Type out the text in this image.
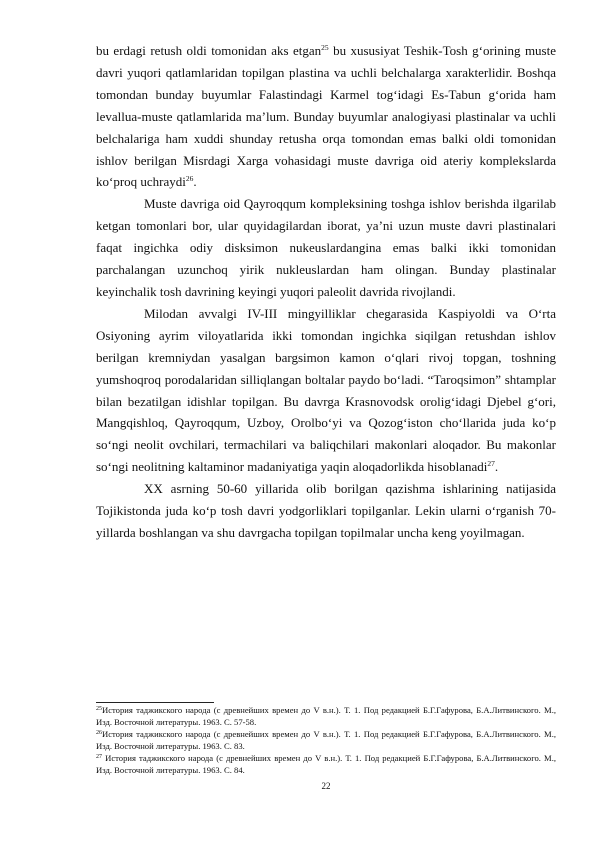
bu erdagi retush oldi tomonidan aks etgan$^{25}$ bu xususiyat Teshik-Tosh g‘orining muste davri yuqori qatlamlaridan topilgan plastina va uchli belchalarga xarakterlidir. Boshqa tomondan bunday buyumlar Falastindagi Karmel tog‘idagi Es-Tabun g‘orida ham levallua-muste qatlamlarida ma’lum. Bunday buyumlar analogiyasi plastinalar va uchli belchalariga ham xuddi shunday retusha orqa tomondan emas balki oldi tomonidan ishlov berilgan Misrdagi Xarga vohasidagi muste davriga oid ateriy komplekslarda ko‘proq uchraydi$^{26}$.

Muste davriga oid Qayroqqum kompleksining toshga ishlov berishda ilgarilab ketgan tomonlari bor, ular quyidagilardan iborat, ya’ni uzun muste davri plastinalari faqat ingichka odiy disksimon nukeuslardangina emas balki ikki tomonidan parchalangan uzunchoq yirik nukleuslardan ham olingan. Bunday plastinalar keyinchalik tosh davrining keyingi yuqori paleolit davrida rivojlandi.

Milodan avvalgi IV-III mingyilliklar chegarasida Kaspiyoldi va O‘rta Osiyoning ayrim viloyatlarida ikki tomondan ingichka siqilgan retushdan ishlov berilgan kremniydan yasalgan bargsimon kamon o‘qlari rivoj topgan, toshning yumshoqroq porodalaridan silliqlangan boltalar paydo bo‘ladi. “Taroqsimon” shtamplar bilan bezatilgan idishlar topilgan. Bu davrga Krasnovodsk orolig‘idagi Djebel g‘ori, Mangqishloq, Qayroqqum, Uzboy, Orolbo‘yi va Qozog‘iston cho‘llarida juda ko‘p so‘ngi neolit ovchilari, termachilari va baliqchilari makonlari aloqador. Bu makonlar so‘ngi neolitning kaltaminor madaniyatiga yaqin aloqadorlikda hisoblanadi$^{27}$.

XX asrning 50-60 yillarida olib borilgan qazishma ishlarining natijasida Tojikistonda juda ko‘p tosh davri yodgorliklari topilganlar. Lekin ularni o‘rganish 70-yillarda boshlangan va shu davrgacha topilgan topilmalar uncha keng yoyilmagan.

$^{25}$История таджикского народа (с древнейших времен до V в.н.). Т. 1. Под редакцией Б.Г.Гафурова, Б.А.Литвинского. М., Изд. Восточной литературы. 1963. С. 57-58.

$^{26}$История таджикского народа (с древнейших времен до V в.н.). Т. 1. Под редакцией Б.Г.Гафурова, Б.А.Литвинского. М., Изд. Восточной литературы. 1963. С. 83.

$^{27}$ История таджикского народа (с древнейших времен до V в.н.). Т. 1. Под редакцией Б.Г.Гафурова, Б.А.Литвинского. М., Изд. Восточной литературы. 1963. С. 84.

22
